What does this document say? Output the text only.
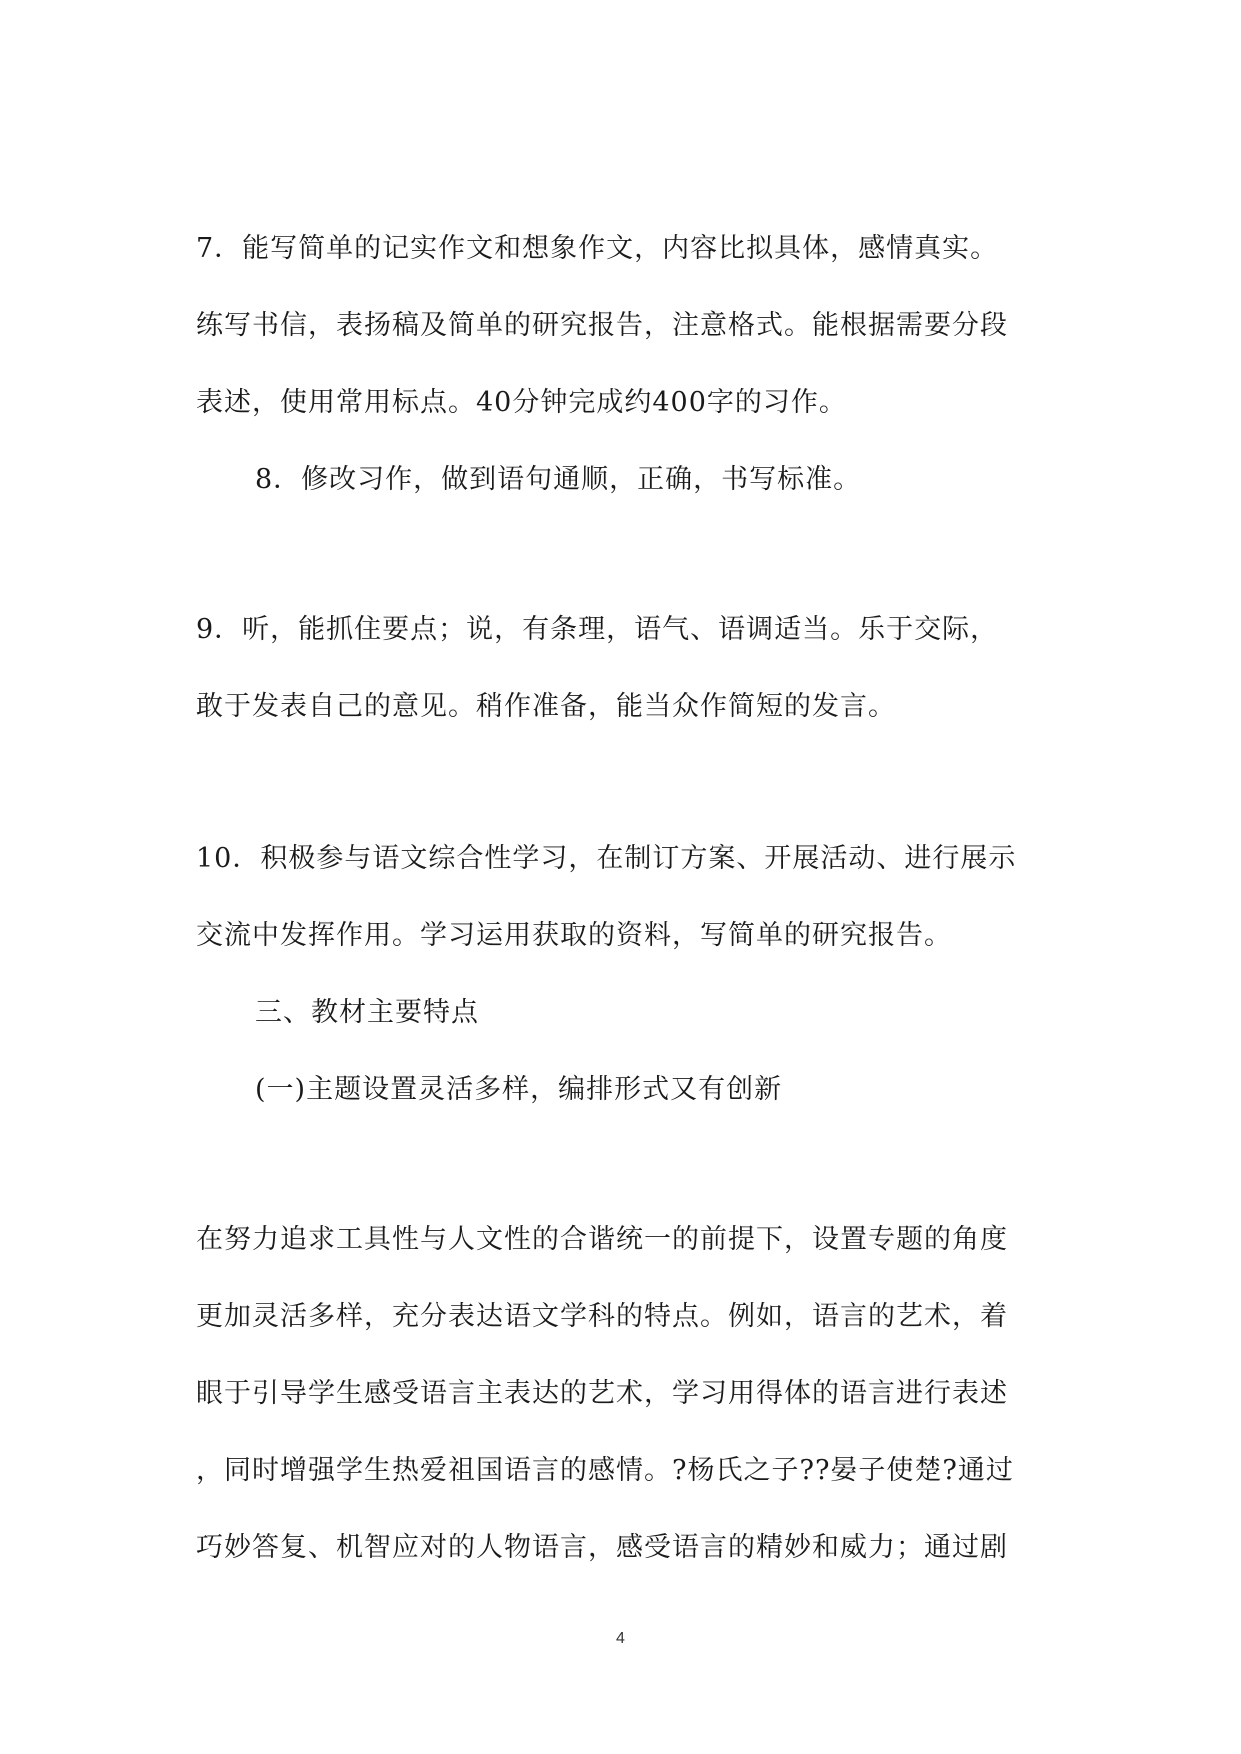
7．能写简单的记实作文和想象作文，内容比拟具体，感情真实。
练写书信，表扬稿及简单的研究报告，注意格式。能根据需要分段
表述，使用常用标点。40分钟完成约400字的习作。
8．修改习作，做到语句通顺，正确，书写标准。
9．听，能抓住要点；说，有条理，语气、语调适当。乐于交际，
敢于发表自己的意见。稍作准备，能当众作简短的发言。
10．积极参与语文综合性学习，在制订方案、开展活动、进行展示
交流中发挥作用。学习运用获取的资料，写简单的研究报告。
三、教材主要特点
(一)主题设置灵活多样，编排形式又有创新
在努力追求工具性与人文性的合谐统一的前提下，设置专题的角度
更加灵活多样，充分表达语文学科的特点。例如，语言的艺术，着
眼于引导学生感受语言主表达的艺术，学习用得体的语言进行表述
，同时增强学生热爱祖国语言的感情。?杨氏之子??晏子使楚?通过
巧妙答复、机智应对的人物语言，感受语言的精妙和威力；通过剧
4
